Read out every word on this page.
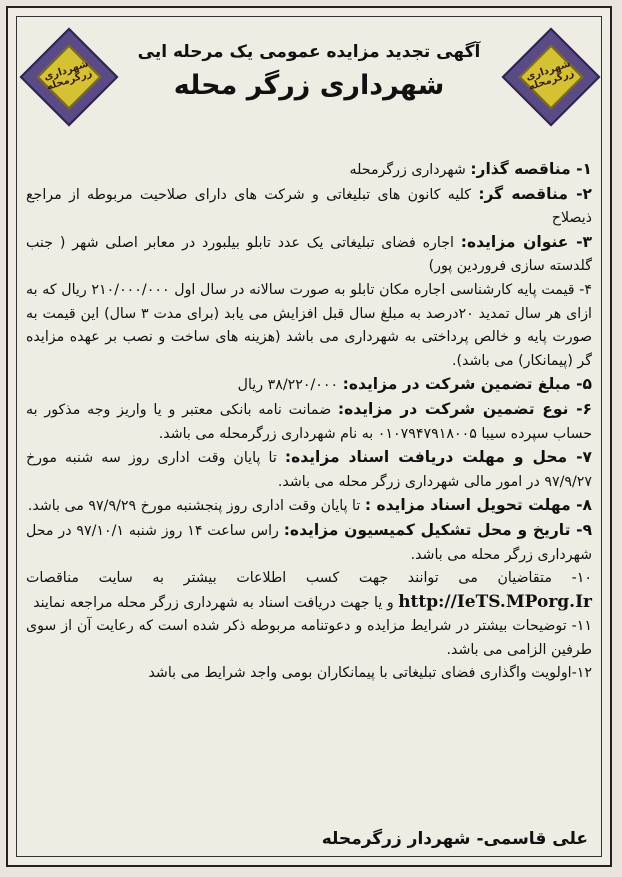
شهرداری زرگرمحله	شهرداری زرگرمحله
آگهی تجدید مزایده عمومی یک مرحله ایی
شهرداری زرگر محله

۱- مناقصه گذار: شهرداری زرگرمحله

۲- مناقصه گر: کلیه کانون های تبلیغاتی و شرکت های دارای صلاحیت مربوطه از مراجع ذیصلاح

۳- عنوان مزایده: اجاره فضای تبلیغاتی یک عدد تابلو بیلبورد در معابر اصلی شهر ( جنب گلدسته سازی فروردین پور)

۴- قیمت پایه کارشناسی اجاره مکان تابلو به صورت سالانه در سال اول ۲۱۰/۰۰۰/۰۰۰ ریال که به ازای هر سال تمدید ۲۰درصد به مبلغ سال قبل افزایش می یابد (برای مدت ۳ سال) این قیمت به صورت پایه و خالص پرداختی به شهرداری می باشد (هزینه های ساخت و نصب بر عهده مزایده گر (پیمانکار) می باشد).

۵- مبلغ تضمین شرکت در مزایده: ۳۸/۲۲۰/۰۰۰ ریال

۶- نوع تضمین شرکت در مزایده: ضمانت نامه بانکی معتبر و یا واریز وجه مذکور به حساب سپرده سیبا ۰۱۰۷۹۴۷۹۱۸۰۰۵ به نام شهرداری زرگرمحله می باشد.

۷- محل و مهلت دریافت اسناد مزایده: تا پایان وقت اداری روز سه شنبه مورخ ۹۷/۹/۲۷ در امور مالی شهرداری زرگر محله می باشد.

۸- مهلت تحویل اسناد مزایده : تا پایان وقت اداری روز پنجشنبه مورخ ۹۷/۹/۲۹ می باشد.

۹- تاریخ و محل تشکیل کمیسیون مزایده: راس ساعت ۱۴ روز شنبه ۹۷/۱۰/۱ در محل شهرداری زرگر محله می باشد.

۱۰- متقاضیان می توانند جهت کسب اطلاعات بیشتر به سایت مناقصات http://IeTS.MPorg.Ir و یا جهت دریافت اسناد به شهرداری زرگر محله مراجعه نمایند

۱۱- توضیحات بیشتر در شرایط مزایده و دعوتنامه مربوطه ذکر شده است که رعایت آن از سوی طرفین الزامی می باشد.

۱۲-اولویت واگذاری فضای تبلیغاتی با پیمانکاران بومی واجد شرایط می باشد

علی قاسمی- شهردار زرگرمحله
